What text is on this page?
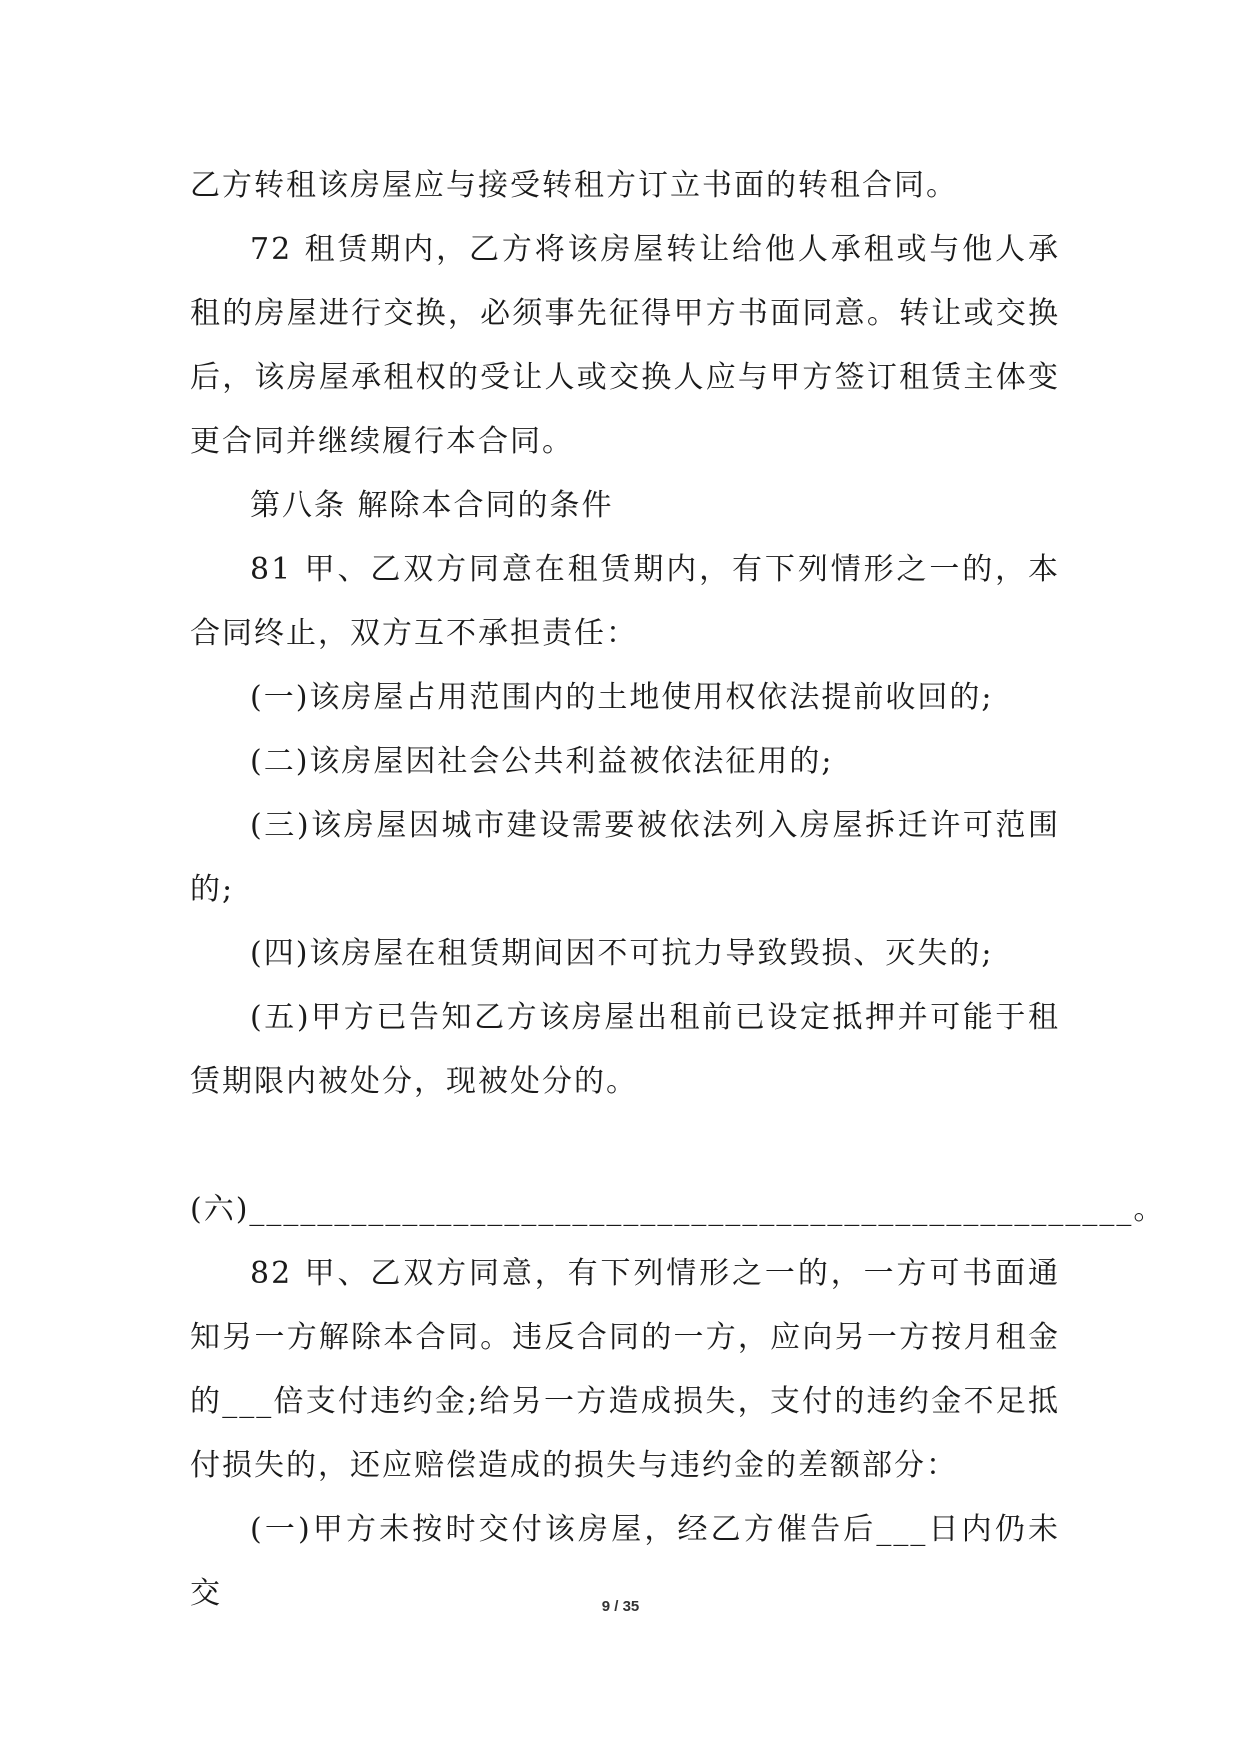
乙方转租该房屋应与接受转租方订立书面的转租合同。

72 租赁期内，乙方将该房屋转让给他人承租或与他人承租的房屋进行交换，必须事先征得甲方书面同意。转让或交换后，该房屋承租权的受让人或交换人应与甲方签订租赁主体变更合同并继续履行本合同。

第八条 解除本合同的条件

81 甲、乙双方同意在租赁期内，有下列情形之一的，本合同终止，双方互不承担责任：

(一)该房屋占用范围内的土地使用权依法提前收回的;

(二)该房屋因社会公共利益被依法征用的;

(三)该房屋因城市建设需要被依法列入房屋拆迁许可范围的;

(四)该房屋在租赁期间因不可抗力导致毁损、灭失的;

(五)甲方已告知乙方该房屋出租前已设定抵押并可能于租赁期限内被处分，现被处分的。

(六)____________________________________________________。

82 甲、乙双方同意，有下列情形之一的，一方可书面通知另一方解除本合同。违反合同的一方，应向另一方按月租金的___倍支付违约金;给另一方造成损失，支付的违约金不足抵付损失的，还应赔偿造成的损失与违约金的差额部分：

(一)甲方未按时交付该房屋，经乙方催告后___日内仍未交	9 / 35
